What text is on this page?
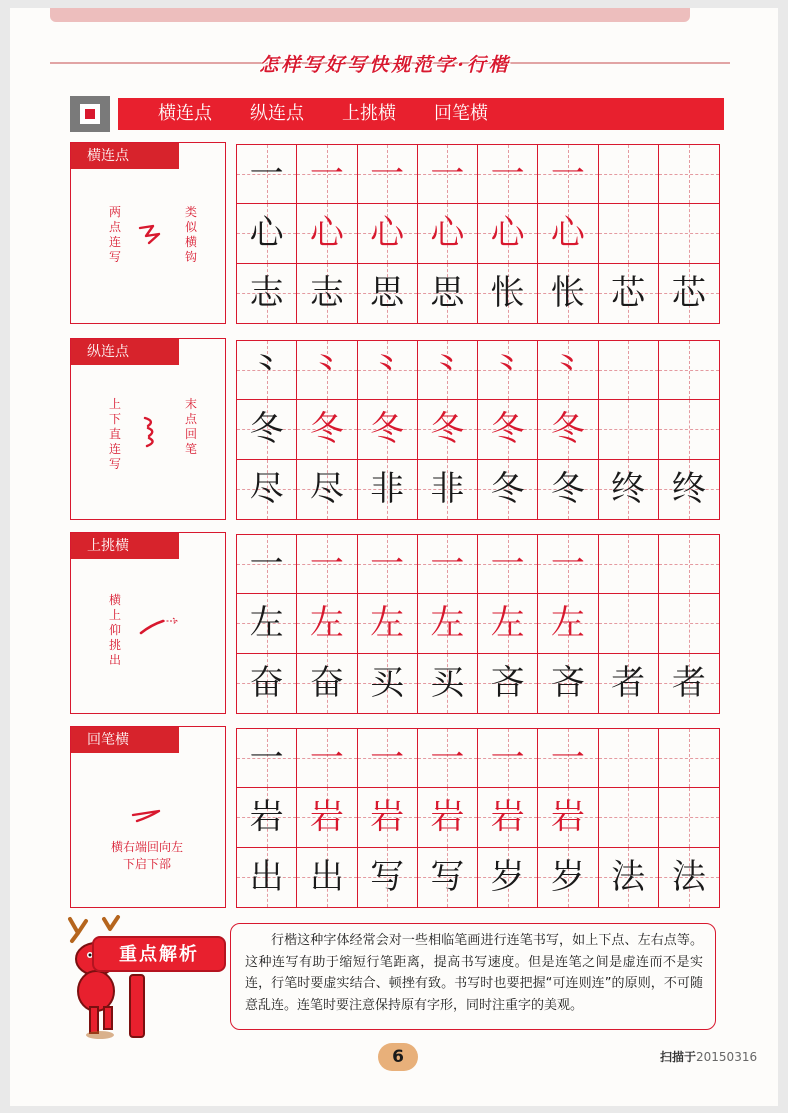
怎样写好写快规范字·行楷
横连点 纵连点 上挑横 回笔横
横连点
两点连写
类似横钩
一 一 一 一 一 一
心 心 心 心 心 心
志 志 思 思 怅 怅 芯 芯
纵连点
上下直连写
末点回笔
⺀ ⺀ ⺀ ⺀ ⺀ ⺀
冬 冬 冬 冬 冬 冬
尽 尽 非 非 冬 冬 终 终
上挑横
横上仰挑出
一 一 一 一 一 一
左 左 左 左 左 左
奋 奋 买 买 吝 吝 者 者
回笔横
横右端回向左下启下部
一 一 一 一 一 一
岩 岩 岩 岩 岩 岩
出 出 写 写 岁 岁 法 法
重点解析
行楷这种字体经常会对一些相临笔画进行连笔书写，如上下点、左右点等。这种连写有助于缩短行笔距离，提高书写速度。但是连笔之间是虚连而不是实连，行笔时要虚实结合、顿挫有致。书写时也要把握“可连则连”的原则，不可随意乱连。连笔时要注意保持原有字形，同时注重字的美观。
6	扫描于20150316
